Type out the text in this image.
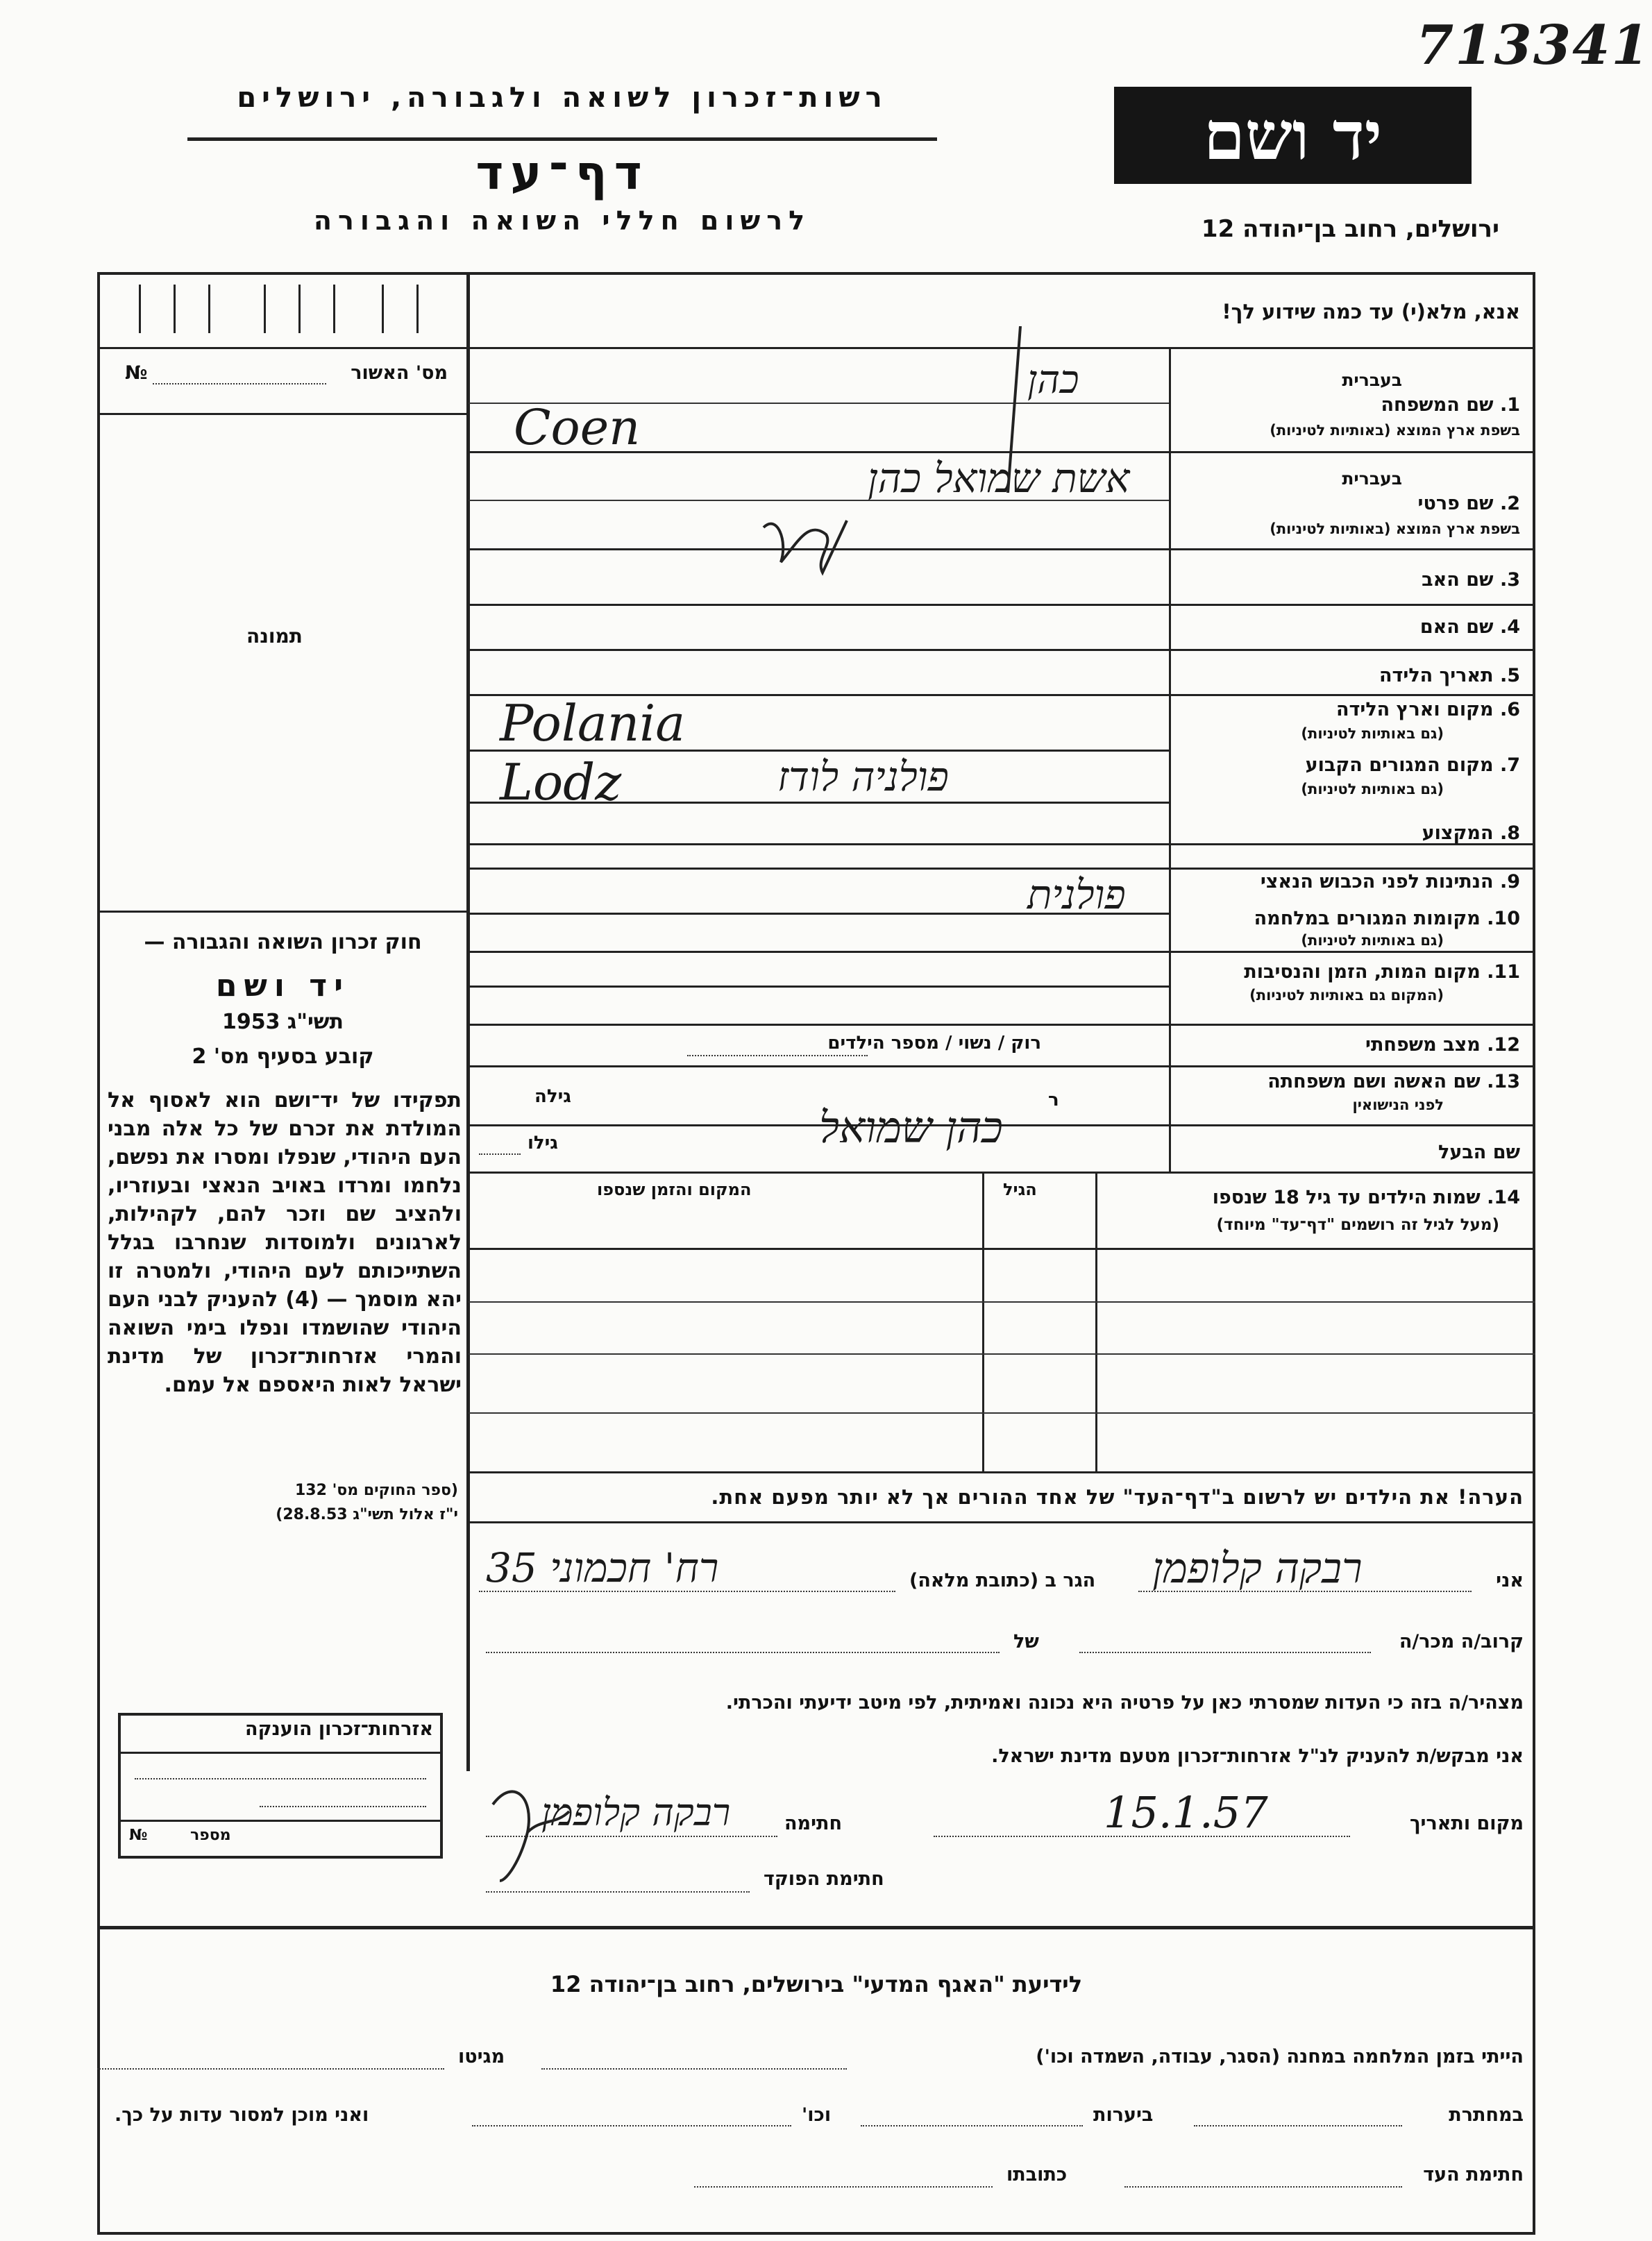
713341
רשות־זכרון לשואה ולגבורה, ירושלים
דף־עד
לרשום חללי השואה והגבורה
יד ושם
ירושלים, רחוב בן־יהודה 12
מס' האשור
№
תמונה
חוק זכרון השואה והגבורה —
יד ושם
תשי"ג 1953
קובע בסעיף מס' 2
תפקידו של יד־ושם הוא לאסוף אל המולדת את זכרם של כל אלה מבני העם היהודי, שנפלו ומסרו את נפשם, נלחמו ומרדו באויב הנאצי ובעוזריו, ולהציב שם וזכר להם, לקהילות, לארגונים ולמוסדות שנחרבו בגלל השתייכותם לעם היהודי, ולמטרה זו יהא מוסמך — (4) להעניק לבני העם היהודי שהושמדו ונפלו בימי השואה והמרי אזרחות־זכרון של מדינת ישראל לאות היאספם אל עמם.
(ספר החוקים מס' 132
י"ז אלול תשי"ג 28.8.53)
אזרחות־זכרון הוענקה
מספר
№
אנא, מלא(י) עד כמה שידוע לך!
בעברית
1. שם המשפחה
בשפת ארץ המוצא (באותיות לטיניות)
בעברית
2. שם פרטי
בשפת ארץ המוצא (באותיות לטיניות)
3. שם האב
4. שם האם
5. תאריך הלידה
6. מקום וארץ הלידה
(גם באותיות לטיניות)
7. מקום המגורים הקבוע
(גם באותיות לטיניות)
8. המקצוע
9. הנתינות לפני הכבוש הנאצי
10. מקומות המגורים במלחמה
(גם באותיות לטיניות)
11. מקום המות, הזמן והנסיבות
(המקום גם באותיות לטיניות)
12. מצב משפחתי
13. שם האשה ושם משפחתה
לפני הנישואין
שם הבעל
רוק / נשוי / מספר הילדים
גילה
גילו
ר
כהן
Coen
אשת שמואל כהן
Polania
Lodz	פולניה לודז
פולנית
כהן שמואל
14. שמות הילדים עד גיל 18 שנספו
(מעל לגיל זה רושמים "דף־עד" מיוחד)
הגיל
המקום והזמן שנספו
הערה! את הילדים יש לרשום ב"דף־העד" של אחד ההורים אך לא יותר מפעם אחת.
אני
רבקה קלופמן
הגר ב (כתובת מלאה)
רח' חכמוני 35
קרוב/ה מכר/ה
של
מצהיר/ה בזה כי העדות שמסרתי כאן על פרטיה היא נכונה ואמיתית, לפי מיטב ידיעתי והכרתי.
אני מבקש/ת להעניק לנ"ל אזרחות־זכרון מטעם מדינת ישראל.
מקום ותאריך
15.1.57
חתימה
רבקה קלופמן
חתימת הפוקד
לידיעת "האגף המדעי" בירושלים, רחוב בן־יהודה 12
הייתי בזמן המלחמה במחנה (הסגר, עבודה, השמדה וכו')
מגיטו
במחתרת
ביערות
וכו'
ואני מוכן למסור עדות על כך.
חתימת העד
כתובתו
